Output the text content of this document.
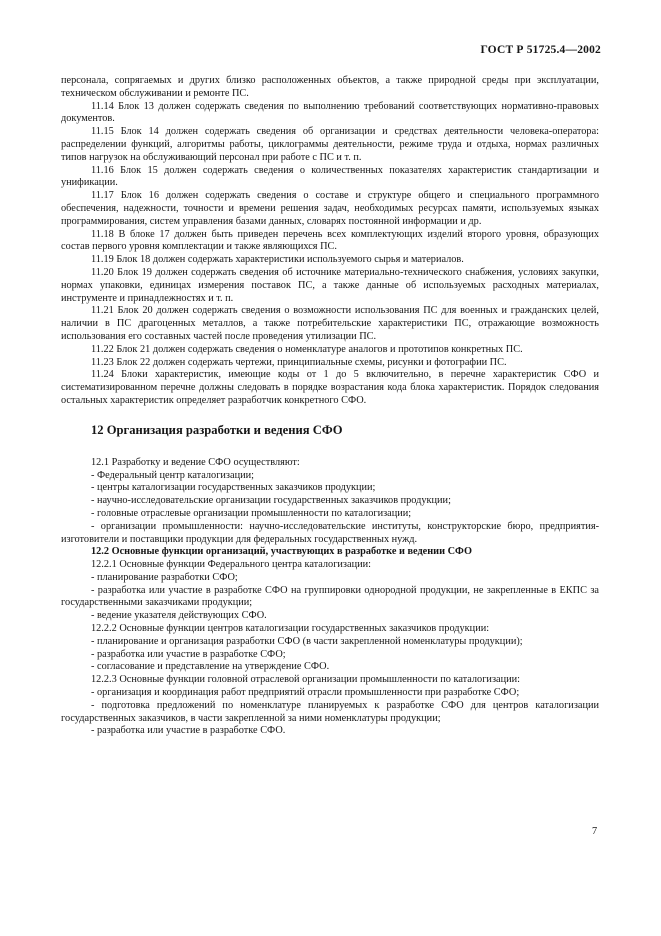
ГОСТ Р 51725.4—2002

персонала, сопрягаемых и других близко расположенных объектов, а также природной среды при эксплуатации, техническом обслуживании и ремонте ПС.

11.14 Блок 13 должен содержать сведения по выполнению требований соответствующих нормативно-правовых документов.

11.15 Блок 14 должен содержать сведения об организации и средствах деятельности человека-оператора: распределении функций, алгоритмы работы, циклограммы деятельности, режиме труда и отдыха, нормах различных типов нагрузок на обслуживающий персонал при работе с ПС и т. п.

11.16 Блок 15 должен содержать сведения о количественных показателях характеристик стандартизации и унификации.

11.17 Блок 16 должен содержать сведения о составе и структуре общего и специального программного обеспечения, надежности, точности и времени решения задач, необходимых ресурсах памяти, используемых языках программирования, систем управления базами данных, словарях постоянной информации и др.

11.18 В блоке 17 должен быть приведен перечень всех комплектующих изделий второго уровня, образующих состав первого уровня комплектации и также являющихся ПС.

11.19 Блок 18 должен содержать характеристики используемого сырья и материалов.

11.20 Блок 19 должен содержать сведения об источнике материально-технического снабжения, условиях закупки, нормах упаковки, единицах измерения поставок ПС, а также данные об используемых расходных материалах, инструменте и принадлежностях и т. п.

11.21 Блок 20 должен содержать сведения о возможности использования ПС для военных и гражданских целей, наличии в ПС драгоценных металлов, а также потребительские характеристики ПС, отражающие возможность использования его составных частей после проведения утилизации ПС.

11.22 Блок 21 должен содержать сведения о номенклатуре аналогов и прототипов конкретных ПС.

11.23 Блок 22 должен содержать чертежи, принципиальные схемы, рисунки и фотографии ПС.

11.24 Блоки характеристик, имеющие коды от 1 до 5 включительно, в перечне характеристик СФО и систематизированном перечне должны следовать в порядке возрастания кода блока характеристик. Порядок следования остальных характеристик определяет разработчик конкретного СФО.

12 Организация разработки и ведения СФО

12.1 Разработку и ведение СФО осуществляют:

- Федеральный центр каталогизации;

- центры каталогизации государственных заказчиков продукции;

- научно-исследовательские организации государственных заказчиков продукции;

- головные отраслевые организации промышленности по каталогизации;

- организации промышленности: научно-исследовательские институты, конструкторские бюро, предприятия-изготовители и поставщики продукции для федеральных государственных нужд.

12.2 Основные функции организаций, участвующих в разработке и ведении СФО

12.2.1 Основные функции Федерального центра каталогизации:

- планирование разработки СФО;

- разработка или участие в разработке СФО на группировки однородной продукции, не закрепленные в ЕКПС за государственными заказчиками продукции;

- ведение указателя действующих СФО.

12.2.2 Основные функции центров каталогизации государственных заказчиков продукции:

- планирование и организация разработки СФО (в части закрепленной номенклатуры продукции);

- разработка или участие в разработке СФО;

- согласование и представление на утверждение СФО.

12.2.3 Основные функции головной отраслевой организации промышленности по каталогизации:

- организация и координация работ предприятий отрасли промышленности при разработке СФО;

- подготовка предложений по номенклатуре планируемых к разработке СФО для центров каталогизации государственных заказчиков, в части закрепленной за ними номенклатуры продукции;

- разработка или участие в разработке СФО.

7
